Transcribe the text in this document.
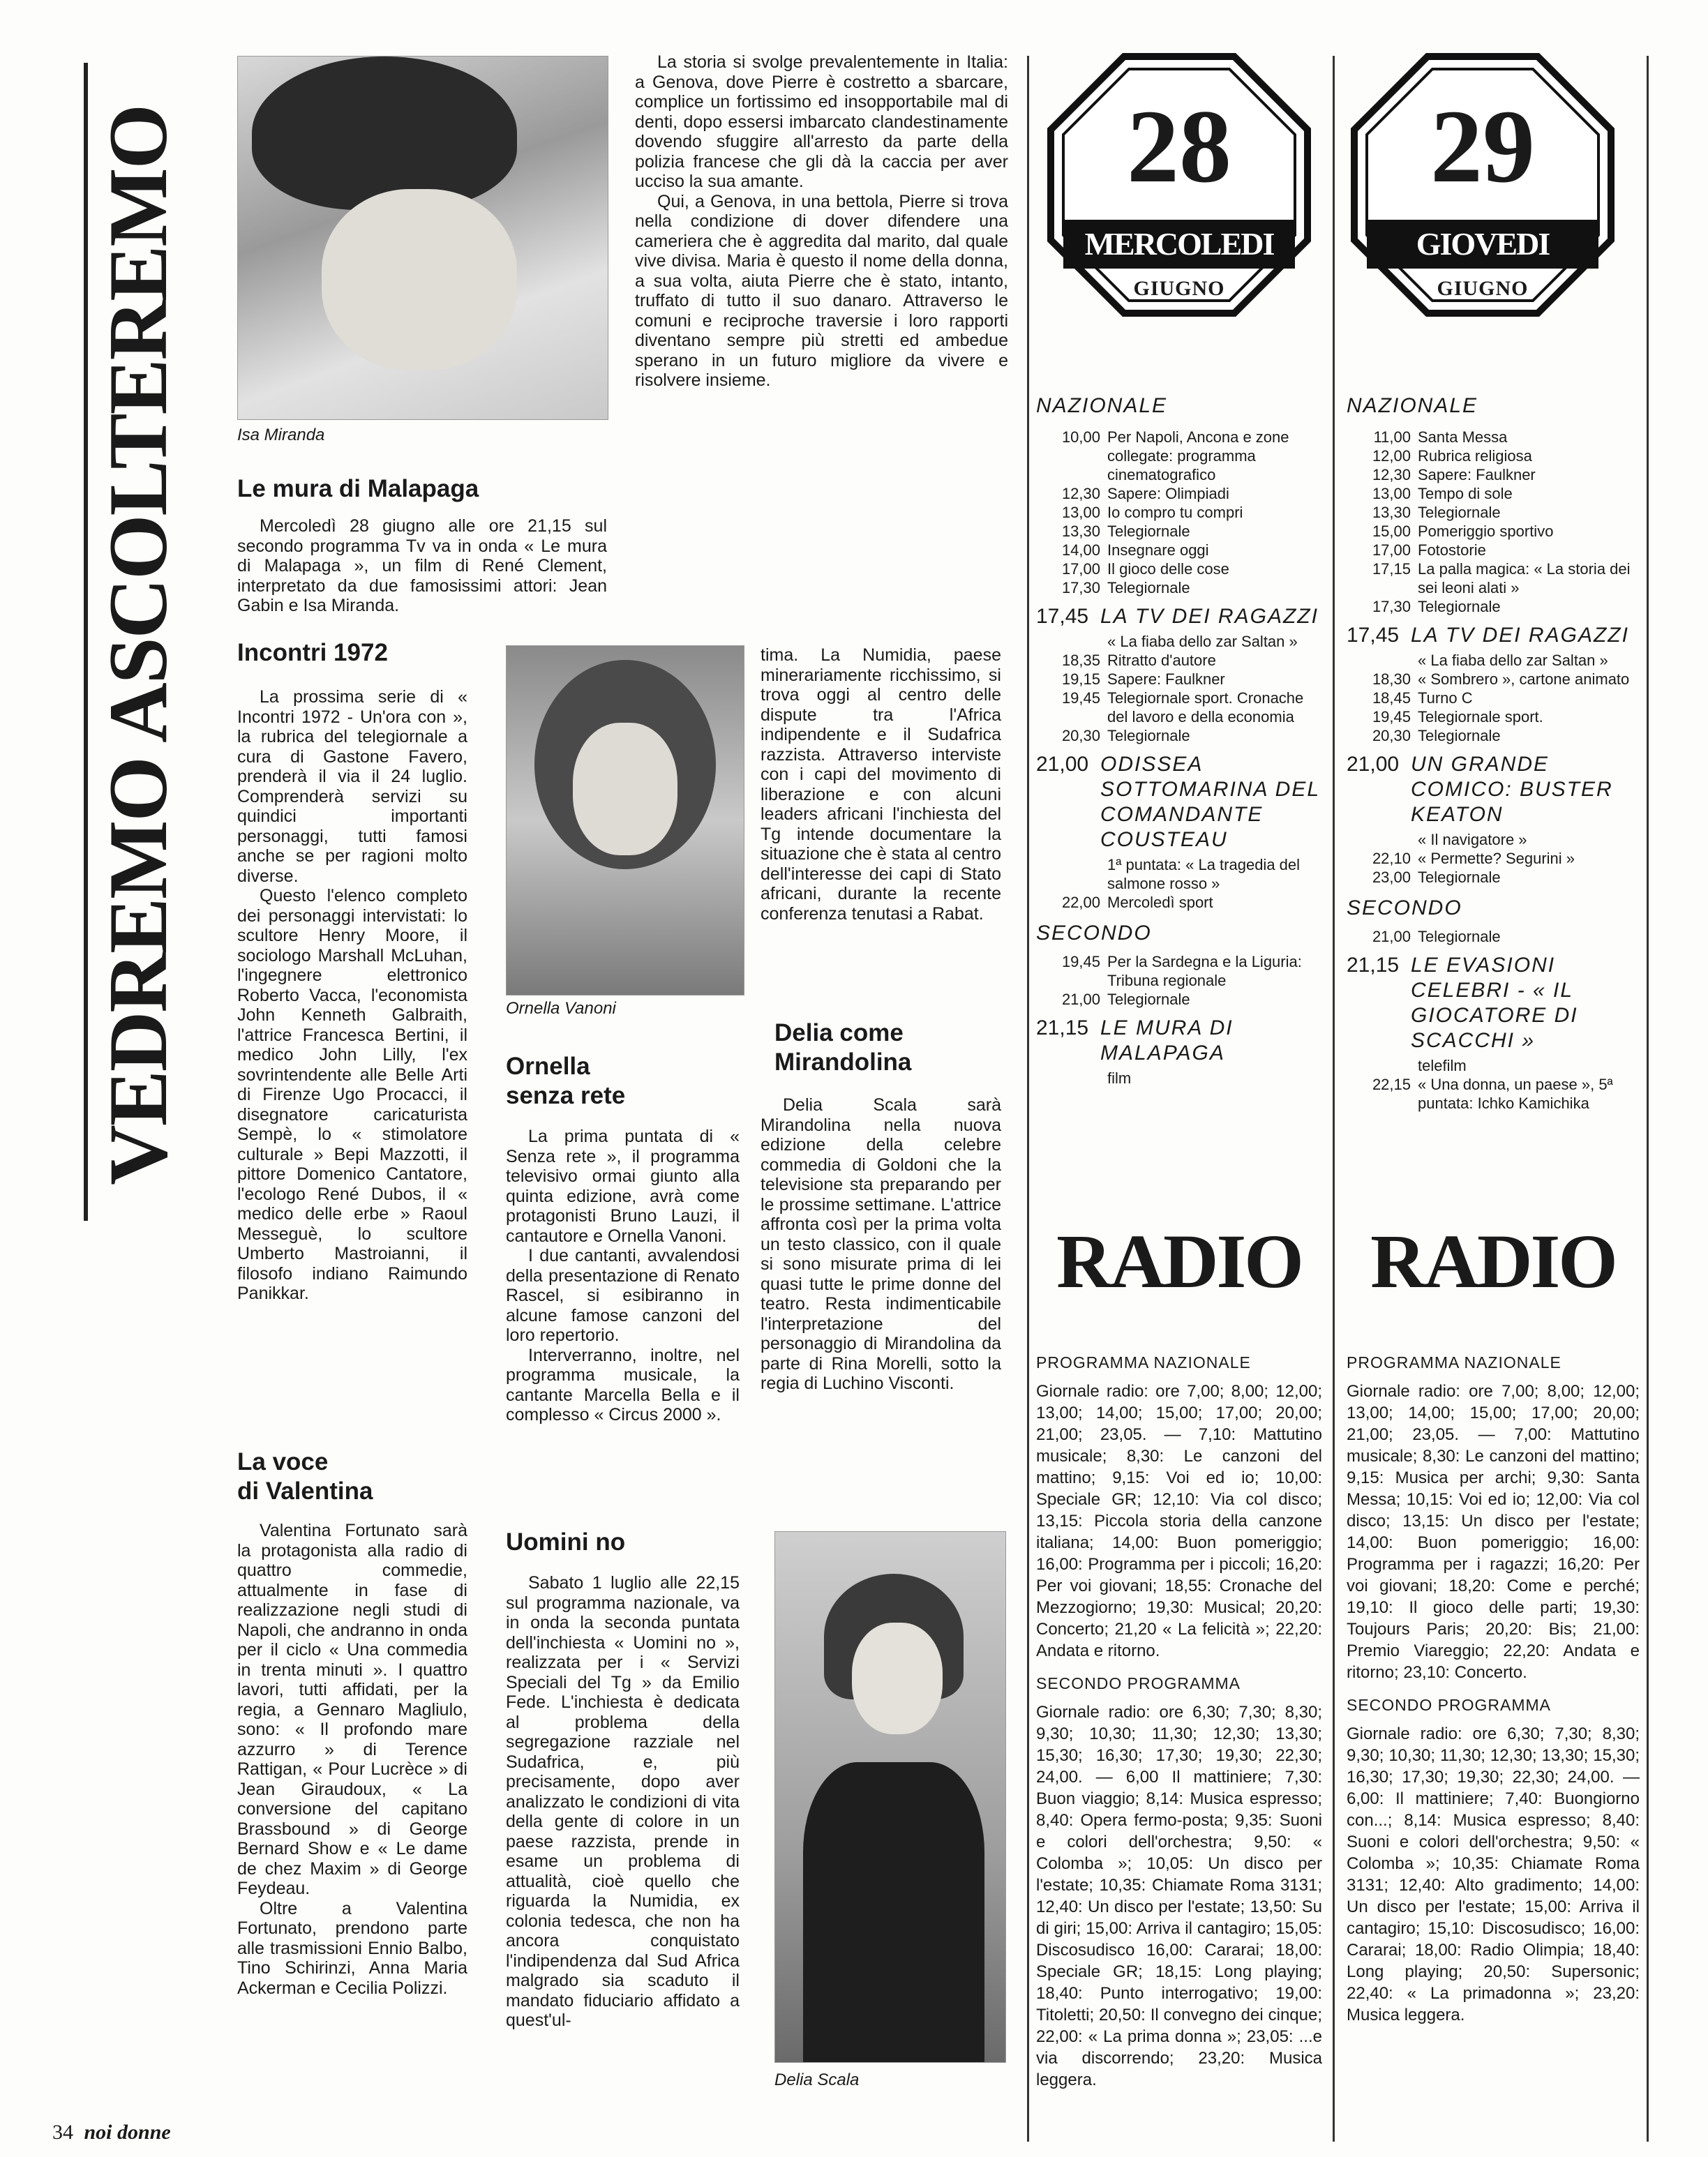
VEDREMO ASCOLTEREMO	Isa Miranda
Le mura di Malapaga

Mercoledì 28 giugno alle ore 21,15 sul secondo programma Tv va in onda « Le mura di Malapaga », un film di René Clement, interpretato da due famosissimi attori: Jean Gabin e Isa Miranda.

La storia si svolge prevalentemente in Italia: a Genova, dove Pierre è costretto a sbarcare, complice un fortissimo ed insopportabile mal di denti, dopo essersi imbarcato clandestinamente dovendo sfuggire all'arresto da parte della polizia francese che gli dà la caccia per aver ucciso la sua amante.

Qui, a Genova, in una bettola, Pierre si trova nella condizione di dover difendere una cameriera che è aggredita dal marito, dal quale vive divisa. Maria è questo il nome della donna, a sua volta, aiuta Pierre che è stato, intanto, truffato di tutto il suo danaro. Attraverso le comuni e reciproche traversie i loro rapporti diventano sempre più stretti ed ambedue sperano in un futuro migliore da vivere e risolvere insieme.

Incontri 1972

La prossima serie di « Incontri 1972 - Un'ora con », la rubrica del telegiornale a cura di Gastone Favero, prenderà il via il 24 luglio. Comprenderà servizi su quindici importanti personaggi, tutti famosi anche se per ragioni molto diverse.

Questo l'elenco completo dei personaggi intervistati: lo scultore Henry Moore, il sociologo Marshall McLuhan, l'ingegnere elettronico Roberto Vacca, l'economista John Kenneth Galbraith, l'attrice Francesca Bertini, il medico John Lilly, l'ex sovrintendente alle Belle Arti di Firenze Ugo Procacci, il disegnatore caricaturista Sempè, lo « stimolatore culturale » Bepi Mazzotti, il pittore Domenico Cantatore, l'ecologo René Dubos, il « medico delle erbe » Raoul Messeguè, lo scultore Umberto Mastroianni, il filosofo indiano Raimundo Panikkar.

La voce
di Valentina

Valentina Fortunato sarà la protagonista alla radio di quattro commedie, attualmente in fase di realizzazione negli studi di Napoli, che andranno in onda per il ciclo « Una commedia in trenta minuti ». I quattro lavori, tutti affidati, per la regia, a Gennaro Magliulo, sono: « Il profondo mare azzurro » di Terence Rattigan, « Pour Lucrèce » di Jean Giraudoux, « La conversione del capitano Brassbound » di George Bernard Show e « Le dame de chez Maxim » di George Feydeau.

Oltre a Valentina Fortunato, prendono parte alle trasmissioni Ennio Balbo, Tino Schirinzi, Anna Maria Ackerman e Cecilia Polizzi.

Ornella Vanoni
Ornella
senza rete

La prima puntata di « Senza rete », il programma televisivo ormai giunto alla quinta edizione, avrà come protagonisti Bruno Lauzi, il cantautore e Ornella Vanoni.

I due cantanti, avvalendosi della presentazione di Renato Rascel, si esibiranno in alcune famose canzoni del loro repertorio.

Interverranno, inoltre, nel programma musicale, la cantante Marcella Bella e il complesso « Circus 2000 ».

Uomini no

Sabato 1 luglio alle 22,15 sul programma nazionale, va in onda la seconda puntata dell'inchiesta « Uomini no », realizzata per i « Servizi Speciali del Tg » da Emilio Fede. L'inchiesta è dedicata al problema della segregazione razziale nel Sudafrica, e, più precisamente, dopo aver analizzato le condizioni di vita della gente di colore in un paese razzista, prende in esame un problema di attualità, cioè quello che riguarda la Numidia, ex colonia tedesca, che non ha ancora conquistato l'indipendenza dal Sud Africa malgrado sia scaduto il mandato fiduciario affidato a quest'ul-

tima. La Numidia, paese minerariamente ricchissimo, si trova oggi al centro delle dispute tra l'Africa indipendente e il Sudafrica razzista. Attraverso interviste con i capi del movimento di liberazione e con alcuni leaders africani l'inchiesta del Tg intende documentare la situazione che è stata al centro dell'interesse dei capi di Stato africani, durante la recente conferenza tenutasi a Rabat.

Delia come
Mirandolina

Delia Scala sarà Mirandolina nella nuova edizione della celebre commedia di Goldoni che la televisione sta preparando per le prossime settimane. L'attrice affronta così per la prima volta un testo classico, con il quale si sono misurate prima di lei quasi tutte le prime donne del teatro. Resta indimenticabile l'interpretazione del personaggio di Mirandolina da parte di Rina Morelli, sotto la regia di Luchino Visconti.

Delia Scala
34 noi donne
28
MERCOLEDI
GIUGNO
NAZIONALE
10,00 Per Napoli, Ancona e zone collegate: programma cinematografico
12,30 Sapere: Olimpiadi
13,00 Io compro tu compri
13,30 Telegiornale
14,00 Insegnare oggi
17,00 Il gioco delle cose
17,30 Telegiornale
17,45 LA TV DEI RAGAZZI
« La fiaba dello zar Saltan »
18,35 Ritratto d'autore
19,15 Sapere: Faulkner
19,45 Telegiornale sport. Cronache del lavoro e della economia
20,30 Telegiornale
21,00 ODISSEA SOTTOMARINA DEL COMANDANTE COUSTEAU
1ª puntata: « La tragedia del salmone rosso »
22,00 Mercoledì sport
SECONDO
19,45 Per la Sardegna e la Liguria: Tribuna regionale
21,00 Telegiornale
21,15 LE MURA DI MALAPAGA
film
RADIO
PROGRAMMA NAZIONALE
Giornale radio: ore 7,00; 8,00; 12,00; 13,00; 14,00; 15,00; 17,00; 20,00; 21,00; 23,05. — 7,10: Mattutino musicale; 8,30: Le canzoni del mattino; 9,15: Voi ed io; 10,00: Speciale GR; 12,10: Via col disco; 13,15: Piccola storia della canzone italiana; 14,00: Buon pomeriggio; 16,00: Programma per i piccoli; 16,20: Per voi giovani; 18,55: Cronache del Mezzogiorno; 19,30: Musical; 20,20: Concerto; 21,20 « La felicità »; 22,20: Andata e ritorno.
SECONDO PROGRAMMA
Giornale radio: ore 6,30; 7,30; 8,30; 9,30; 10,30; 11,30; 12,30; 13,30; 15,30; 16,30; 17,30; 19,30; 22,30; 24,00. — 6,00 Il mattiniere; 7,30: Buon viaggio; 8,14: Musica espresso; 8,40: Opera fermo-posta; 9,35: Suoni e colori dell'orchestra; 9,50: « Colomba »; 10,05: Un disco per l'estate; 10,35: Chiamate Roma 3131; 12,40: Un disco per l'estate; 13,50: Su di giri; 15,00: Arriva il cantagiro; 15,05: Discosudisco 16,00: Cararai; 18,00: Speciale GR; 18,15: Long playing; 18,40: Punto interrogativo; 19,00: Titoletti; 20,50: Il convegno dei cinque; 22,00: « La prima donna »; 23,05: ...e via discorrendo; 23,20: Musica leggera.
29
GIOVEDI
GIUGNO
NAZIONALE
11,00 Santa Messa
12,00 Rubrica religiosa
12,30 Sapere: Faulkner
13,00 Tempo di sole
13,30 Telegiornale
15,00 Pomeriggio sportivo
17,00 Fotostorie
17,15 La palla magica: « La storia dei sei leoni alati »
17,30 Telegiornale
17,45 LA TV DEI RAGAZZI
« La fiaba dello zar Saltan »
18,30 « Sombrero », cartone animato
18,45 Turno C
19,45 Telegiornale sport.
20,30 Telegiornale
21,00 UN GRANDE COMICO: BUSTER KEATON
« Il navigatore »
22,10 « Permette? Segurini »
23,00 Telegiornale
SECONDO
21,00 Telegiornale
21,15 LE EVASIONI CELEBRI - « IL GIOCATORE DI SCACCHI »
telefilm
22,15 « Una donna, un paese », 5ª puntata: Ichko Kamichika
RADIO
PROGRAMMA NAZIONALE
Giornale radio: ore 7,00; 8,00; 12,00; 13,00; 14,00; 15,00; 17,00; 20,00; 21,00; 23,05. — 7,00: Mattutino musicale; 8,30: Le canzoni del mattino; 9,15: Musica per archi; 9,30: Santa Messa; 10,15: Voi ed io; 12,00: Via col disco; 13,15: Un disco per l'estate; 14,00: Buon pomeriggio; 16,00: Programma per i ragazzi; 16,20: Per voi giovani; 18,20: Come e perché; 19,10: Il gioco delle parti; 19,30: Toujours Paris; 20,20: Bis; 21,00: Premio Viareggio; 22,20: Andata e ritorno; 23,10: Concerto.
SECONDO PROGRAMMA
Giornale radio: ore 6,30; 7,30; 8,30; 9,30; 10,30; 11,30; 12,30; 13,30; 15,30; 16,30; 17,30; 19,30; 22,30; 24,00. — 6,00: Il mattiniere; 7,40: Buongiorno con...; 8,14: Musica espresso; 8,40: Suoni e colori dell'orchestra; 9,50: « Colomba »; 10,35: Chiamate Roma 3131; 12,40: Alto gradimento; 14,00: Un disco per l'estate; 15,00: Arriva il cantagiro; 15,10: Discosudisco; 16,00: Cararai; 18,00: Radio Olimpia; 18,40: Long playing; 20,50: Supersonic; 22,40: « La primadonna »; 23,20: Musica leggera.
